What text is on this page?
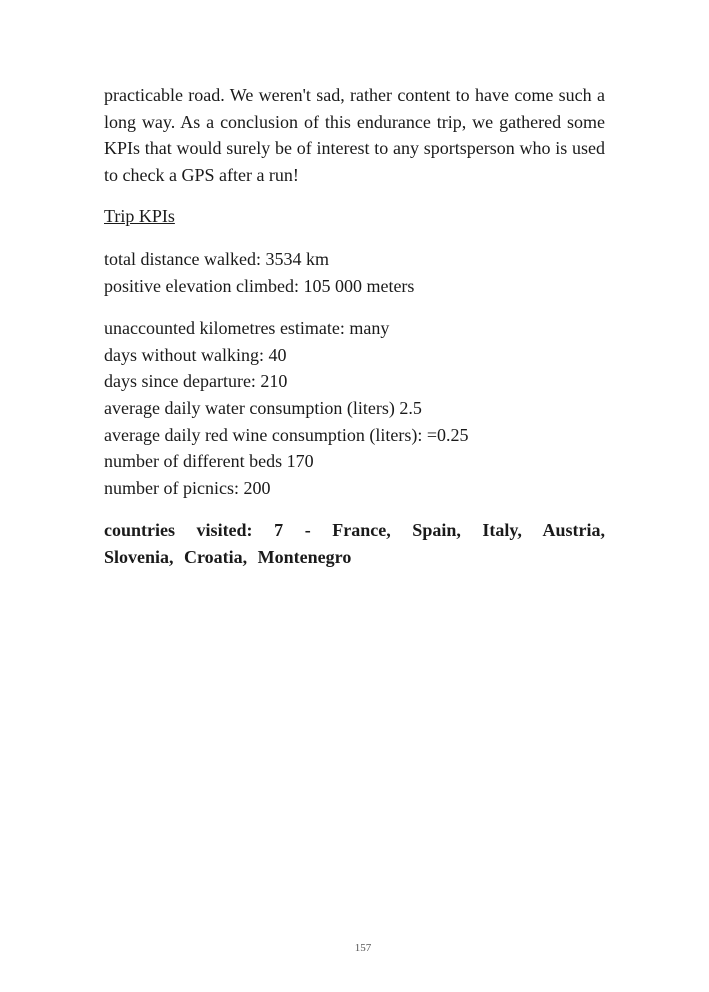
practicable road. We weren't sad, rather content to have come such a long way. As a conclusion of this endurance trip, we gathered some KPIs that would surely be of interest to any sportsperson who is used to check a GPS after a run!

Trip KPIs

total distance walked: 3534 km
positive elevation climbed: 105 000 meters
unaccounted kilometres estimate: many
days without walking: 40
days since departure: 210
average daily water consumption (liters) 2.5
average daily red wine consumption (liters): =0.25
number of different beds 170
number of picnics: 200

countries visited: 7 - France, Spain, Italy, Austria, Slovenia, Croatia, Montenegro

157
